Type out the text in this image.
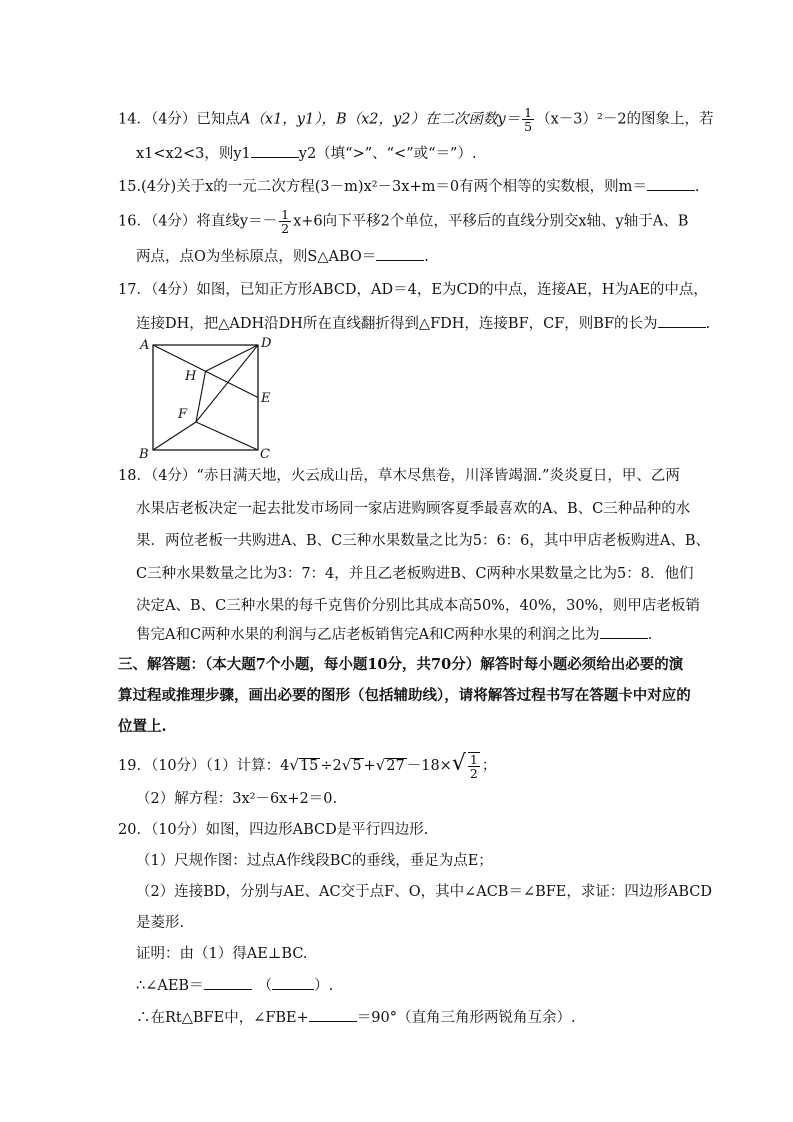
14．（4分）已知点A（x1，y1），B（x2，y2）在二次函数$y= \frac{1}{5} (x-3)^2-2$的图象上，若
x1<x2<3，则y1	y2（填“>”、“<”或“＝”）.
15.(4分)关于x的一元二次方程(3－m)x²－3x+m＝0有两个相等的实数根，则m＝	.
16．（4分）将直线$y=- \frac{1}{2} x+6$向下平移2个单位，平移后的直线分别交x轴、y轴于A、B
两点，点O为坐标原点，则S△ABO＝	.
17．（4分）如图，已知正方形ABCD，AD＝4，E为CD的中点，连接AE，H为AE的中点，
连接DH，把△ADH沿DH所在直线翻折得到△FDH，连接BF，CF，则BF的长为	.
A	D
H
E
F
B	C
18．（4分）“赤日满天地，火云成山岳，草木尽焦卷，川泽皆竭涸.”炎炎夏日，甲、乙两
水果店老板决定一起去批发市场同一家店进购顾客夏季最喜欢的A、B、C三种品种的水
果．两位老板一共购进A、B、C三种水果数量之比为5：6：6，其中甲店老板购进A、B、
C三种水果数量之比为3：7：4，并且乙老板购进B、C两种水果数量之比为5：8．他们
决定A、B、C三种水果的每千克售价分别比其成本高50%，40%，30%，则甲店老板销
售完A和C两种水果的利润与乙店老板销售完A和C两种水果的利润之比为	.
三、解答题：（本大题7个小题，每小题10分，共70分）解答时每小题必须给出必要的演
算过程或推理步骤，画出必要的图形（包括辅助线），请将解答过程书写在答题卡中对应的
位置上.
19．（10分）（1）计算：$4√15 \div 2√5 +√27 -18\times√ \frac{1}{2}$ ；
（2）解方程：3x²－6x+2＝0.
20．（10分）如图，四边形ABCD是平行四边形.
（1）尺规作图：过点A作线段BC的垂线，垂足为点E；
（2）连接BD，分别与AE、AC交于点F、O，其中∠ACB＝∠BFE，求证：四边形ABCD
是菱形.
证明：由（1）得AE⊥BC.
∴∠AEB＝	（	）.
∴在Rt△BFE中，∠FBE+	＝90°（直角三角形两锐角互余）.
